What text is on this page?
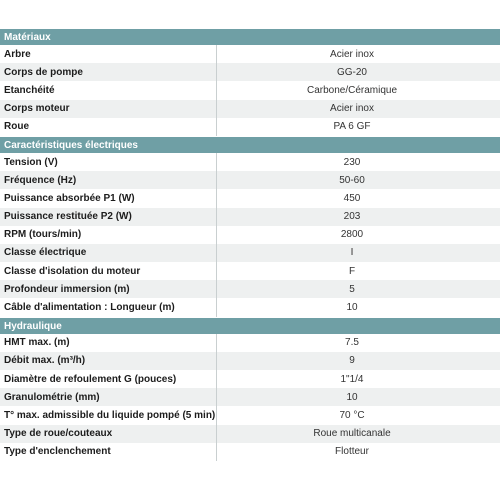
Matériaux
Arbre	Acier inox
Corps de pompe	GG-20
Etanchéité	Carbone/Céramique
Corps moteur	Acier inox
Roue	PA 6 GF
Caractéristiques électriques
Tension (V)	230
Fréquence (Hz)	50-60
Puissance absorbée P1 (W)	450
Puissance restituée P2 (W)	203
RPM (tours/min)	2800
Classe électrique	I
Classe d'isolation du moteur	F
Profondeur immersion (m)	5
Câble d'alimentation : Longueur (m)	10
Hydraulique
HMT max. (m)	7.5
Débit max. (m³/h)	9
Diamètre de refoulement G (pouces)	1"1/4
Granulométrie (mm)	10
T° max. admissible du liquide pompé (5 min)	70 °C
Type de roue/couteaux	Roue multicanale
Type d'enclenchement	Flotteur
